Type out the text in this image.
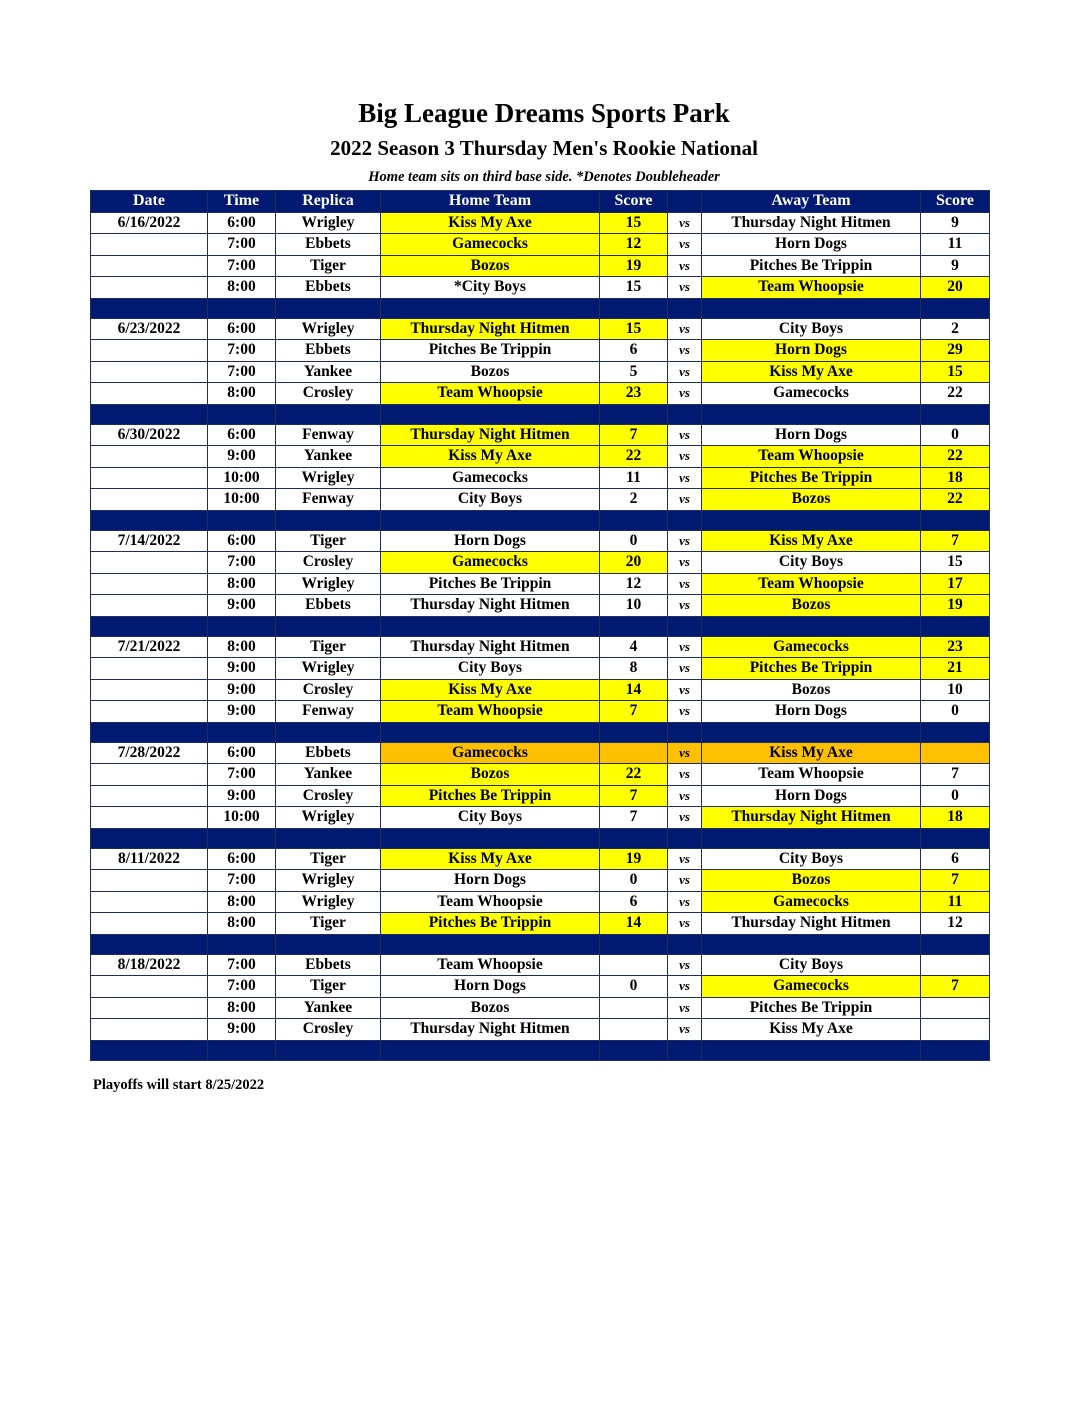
Big League Dreams Sports Park
2022 Season 3 Thursday Men's Rookie National
Home team sits on third base side. *Denotes Doubleheader
Date	Time	Replica	Home Team	Score		Away Team	Score
6/16/2022	6:00	Wrigley	Kiss My Axe	15	vs	Thursday Night Hitmen	9
	7:00	Ebbets	Gamecocks	12	vs	Horn Dogs	11
	7:00	Tiger	Bozos	19	vs	Pitches Be Trippin	9
	8:00	Ebbets	*City Boys	15	vs	Team Whoopsie	20

6/23/2022	6:00	Wrigley	Thursday Night Hitmen	15	vs	City Boys	2
	7:00	Ebbets	Pitches Be Trippin	6	vs	Horn Dogs	29
	7:00	Yankee	Bozos	5	vs	Kiss My Axe	15
	8:00	Crosley	Team Whoopsie	23	vs	Gamecocks	22

6/30/2022	6:00	Fenway	Thursday Night Hitmen	7	vs	Horn Dogs	0
	9:00	Yankee	Kiss My Axe	22	vs	Team Whoopsie	22
	10:00	Wrigley	Gamecocks	11	vs	Pitches Be Trippin	18
	10:00	Fenway	City Boys	2	vs	Bozos	22

7/14/2022	6:00	Tiger	Horn Dogs	0	vs	Kiss My Axe	7
	7:00	Crosley	Gamecocks	20	vs	City Boys	15
	8:00	Wrigley	Pitches Be Trippin	12	vs	Team Whoopsie	17
	9:00	Ebbets	Thursday Night Hitmen	10	vs	Bozos	19

7/21/2022	8:00	Tiger	Thursday Night Hitmen	4	vs	Gamecocks	23
	9:00	Wrigley	City Boys	8	vs	Pitches Be Trippin	21
	9:00	Crosley	Kiss My Axe	14	vs	Bozos	10
	9:00	Fenway	Team Whoopsie	7	vs	Horn Dogs	0

7/28/2022	6:00	Ebbets	Gamecocks		vs	Kiss My Axe	
	7:00	Yankee	Bozos	22	vs	Team Whoopsie	7
	9:00	Crosley	Pitches Be Trippin	7	vs	Horn Dogs	0
	10:00	Wrigley	City Boys	7	vs	Thursday Night Hitmen	18

8/11/2022	6:00	Tiger	Kiss My Axe	19	vs	City Boys	6
	7:00	Wrigley	Horn Dogs	0	vs	Bozos	7
	8:00	Wrigley	Team Whoopsie	6	vs	Gamecocks	11
	8:00	Tiger	Pitches Be Trippin	14	vs	Thursday Night Hitmen	12

8/18/2022	7:00	Ebbets	Team Whoopsie		vs	City Boys	
	7:00	Tiger	Horn Dogs	0	vs	Gamecocks	7
	8:00	Yankee	Bozos		vs	Pitches Be Trippin	
	9:00	Crosley	Thursday Night Hitmen		vs	Kiss My Axe	

Playoffs will start 8/25/2022
